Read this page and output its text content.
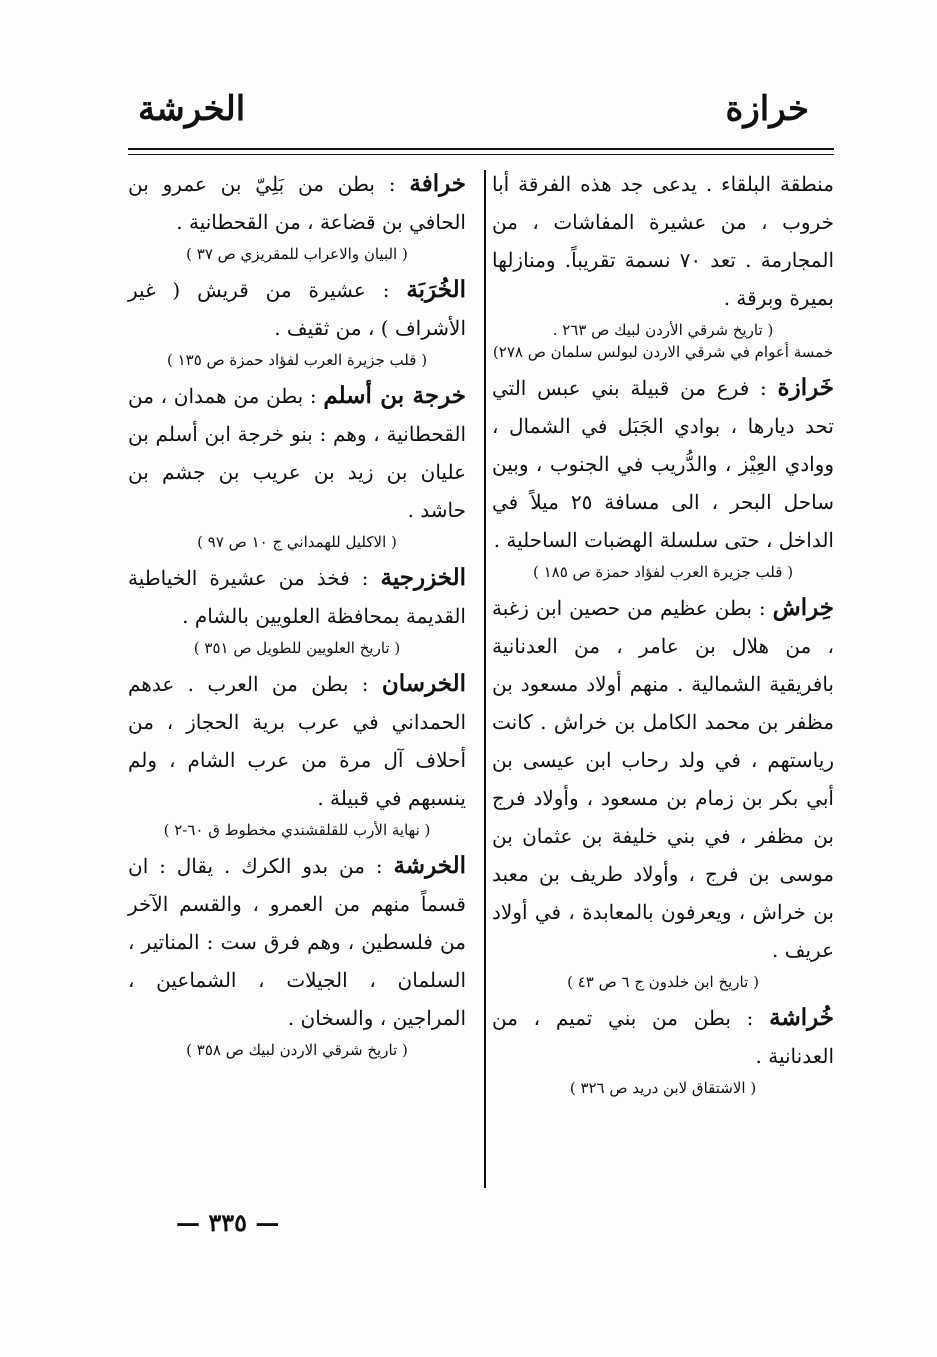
خرازة
الخرشة
منطقة البلقاء . يدعى جد هذه الفرقة أبا خروب ، من عشيرة المفاشات ، من المجارمة . تعد ٧٠ نسمة تقريباً. ومنازلها بميرة وبرقة .
( تاريخ شرقي الأردن لبيك ص ٢٦٣ .
خمسة أعوام في شرقي الاردن لبولس سلمان ص ٢٧٨)
خَرازة : فرع من قبيلة بني عبس التي تحد ديارها ، بوادي الجَبَل في الشمال ، ووادي العِيْز ، والدُّريب في الجنوب ، وبين ساحل البحر ، الى مسافة ٢٥ ميلاً في الداخل ، حتى سلسلة الهضبات الساحلية .
( قلب جزيرة العرب لفؤاد حمزة ص ١٨٥ )
خِراش : بطن عظيم من حصين ابن زغبة ، من هلال بن عامر ، من العدنانية بافريقية الشمالية . منهم أولاد مسعود بن مظفر بن محمد الكامل بن خراش . كانت رياستهم ، في ولد رحاب ابن عيسى بن أبي بكر بن زمام بن مسعود ، وأولاد فرج بن مظفر ، في بني خليفة بن عثمان بن موسى بن فرج ، وأولاد طريف بن معبد بن خراش ، ويعرفون بالمعابدة ، في أولاد عريف .
( تاريخ ابن خلدون ج ٦ ص ٤٣ )
خُراشة : بطن من بني تميم ، من العدنانية .
( الاشتقاق لابن دريد ص ٣٢٦ )
خرافة : بطن من بَلِيّ بن عمرو بن الحافي بن قضاعة ، من القحطانية .
( البيان والاعراب للمقريزي ص ٣٧ )
الخُرَبَة : عشيرة من قريش ( غير الأشراف ) ، من ثقيف .
( قلب جزيرة العرب لفؤاد حمزة ص ١٣٥ )
خرجة بن أسلم : بطن من همدان ، من القحطانية ، وهم : بنو خرجة ابن أسلم بن عليان بن زيد بن عريب بن جشم بن حاشد .
( الاكليل للهمداني ج ١٠ ص ٩٧ )
الخزرجية : فخذ من عشيرة الخياطية القديمة بمحافظة العلويين بالشام .
( تاريخ العلويين للطويل ص ٣٥١ )
الخرسان : بطن من العرب . عدهم الحمداني في عرب برية الحجاز ، من أحلاف آل مرة من عرب الشام ، ولم ينسبهم في قبيلة .
( نهاية الأرب للقلقشندي مخطوط ق ٦٠-٢ )
الخرشة : من بدو الكرك . يقال : ان قسماً منهم من العمرو ، والقسم الآخر من فلسطين ، وهم فرق ست : المناتير ، السلمان ، الجيلات ، الشماعين ، المراجين ، والسخان .
( تاريخ شرقي الاردن لبيك ص ٣٥٨ )
— ٣٣٥ —
